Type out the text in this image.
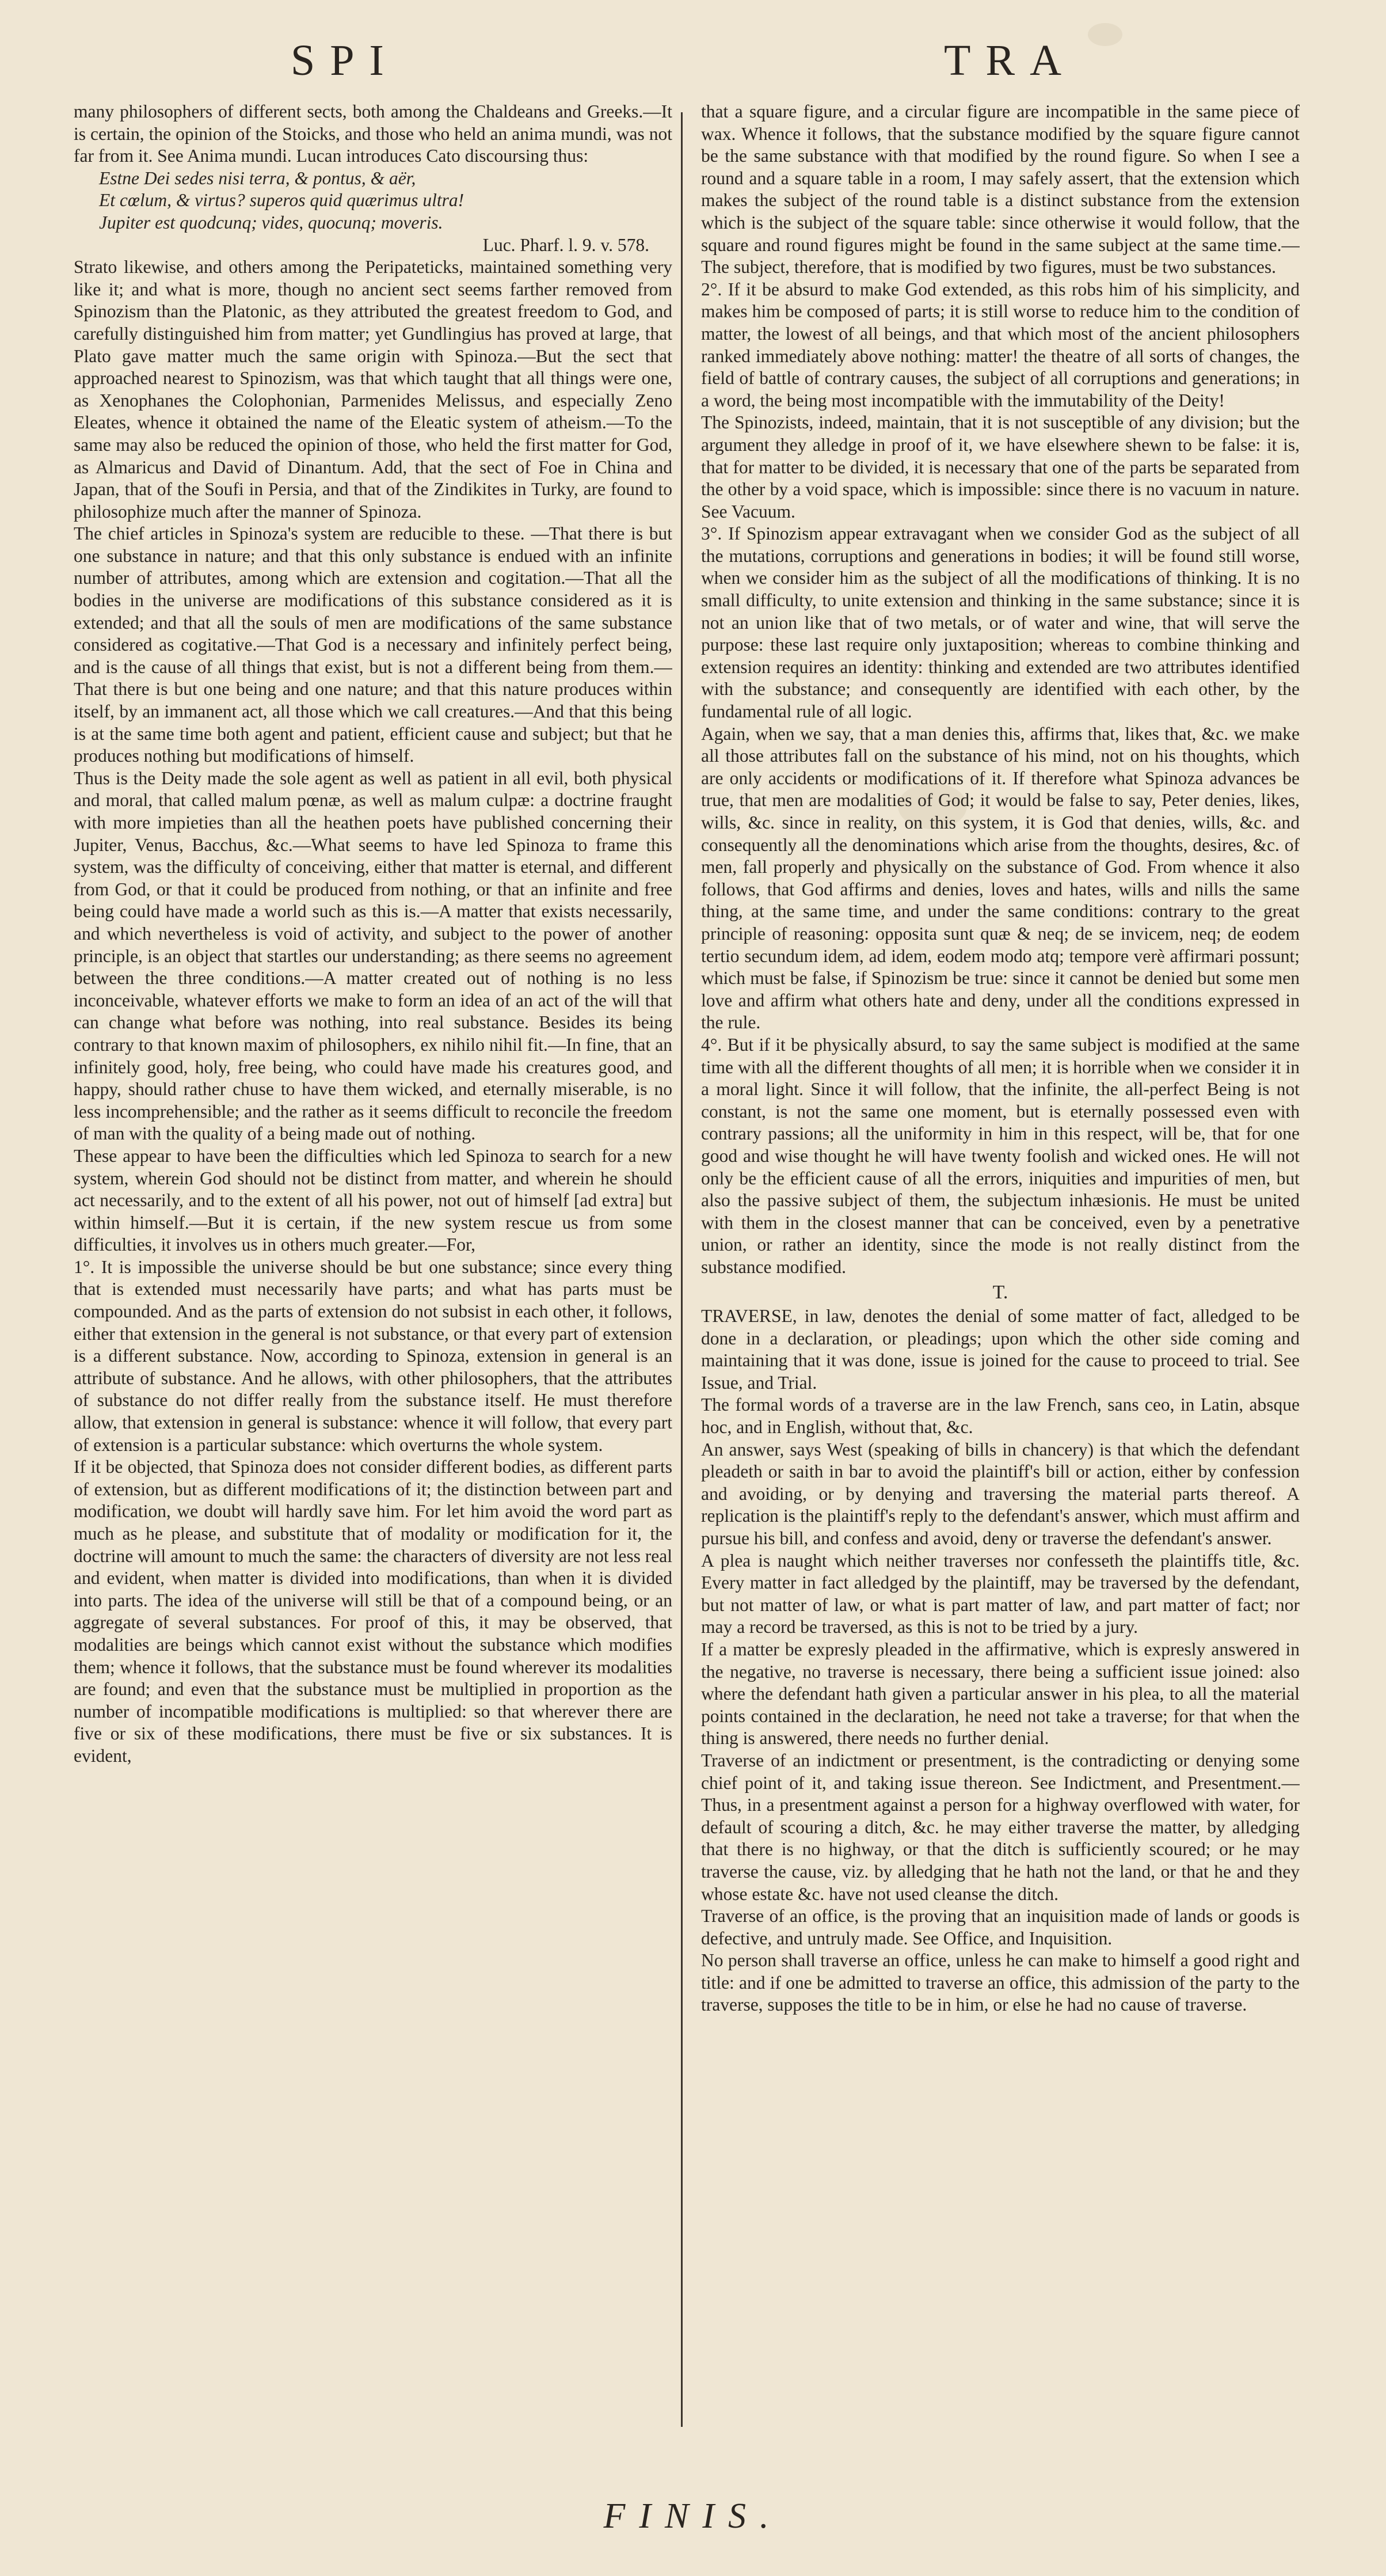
SPI	TRA

many philosophers of different sects, both among the Chaldeans and Greeks.—It is certain, the opinion of the Stoicks, and those who held an anima mundi, was not far from it. See Anima mundi. Lucan introduces Cato discoursing thus:

Estne Dei sedes nisi terra, & pontus, & aër,

Et cœlum, & virtus? superos quid quærimus ultra!

Jupiter est quodcunq; vides, quocunq; moveris.

Luc. Pharf. l. 9. v. 578.

Strato likewise, and others among the Peripateticks, maintained something very like it; and what is more, though no ancient sect seems farther removed from Spinozism than the Platonic, as they attributed the greatest freedom to God, and carefully distinguished him from matter; yet Gundlingius has proved at large, that Plato gave matter much the same origin with Spinoza.—But the sect that approached nearest to Spinozism, was that which taught that all things were one, as Xenophanes the Colophonian, Parmenides Melissus, and especially Zeno Eleates, whence it obtained the name of the Eleatic system of atheism.—To the same may also be reduced the opinion of those, who held the first matter for God, as Almaricus and David of Dinantum. Add, that the sect of Foe in China and Japan, that of the Soufi in Persia, and that of the Zindikites in Turky, are found to philosophize much after the manner of Spinoza.

The chief articles in Spinoza's system are reducible to these. —That there is but one substance in nature; and that this only substance is endued with an infinite number of attributes, among which are extension and cogitation.—That all the bodies in the universe are modifications of this substance considered as it is extended; and that all the souls of men are modifications of the same substance considered as cogitative.—That God is a necessary and infinitely perfect being, and is the cause of all things that exist, but is not a different being from them.—That there is but one being and one nature; and that this nature produces within itself, by an immanent act, all those which we call creatures.—And that this being is at the same time both agent and patient, efficient cause and subject; but that he produces nothing but modifications of himself.

Thus is the Deity made the sole agent as well as patient in all evil, both physical and moral, that called malum pœnæ, as well as malum culpæ: a doctrine fraught with more impieties than all the heathen poets have published concerning their Jupiter, Venus, Bacchus, &c.—What seems to have led Spinoza to frame this system, was the difficulty of conceiving, either that matter is eternal, and different from God, or that it could be produced from nothing, or that an infinite and free being could have made a world such as this is.—A matter that exists necessarily, and which nevertheless is void of activity, and subject to the power of another principle, is an object that startles our understanding; as there seems no agreement between the three conditions.—A matter created out of nothing is no less inconceivable, whatever efforts we make to form an idea of an act of the will that can change what before was nothing, into real substance. Besides its being contrary to that known maxim of philosophers, ex nihilo nihil fit.—In fine, that an infinitely good, holy, free being, who could have made his creatures good, and happy, should rather chuse to have them wicked, and eternally miserable, is no less incomprehensible; and the rather as it seems difficult to reconcile the freedom of man with the quality of a being made out of nothing.

These appear to have been the difficulties which led Spinoza to search for a new system, wherein God should not be distinct from matter, and wherein he should act necessarily, and to the extent of all his power, not out of himself [ad extra] but within himself.—But it is certain, if the new system rescue us from some difficulties, it involves us in others much greater.—For,

1°. It is impossible the universe should be but one substance; since every thing that is extended must necessarily have parts; and what has parts must be compounded. And as the parts of extension do not subsist in each other, it follows, either that extension in the general is not substance, or that every part of extension is a different substance. Now, according to Spinoza, extension in general is an attribute of substance. And he allows, with other philosophers, that the attributes of substance do not differ really from the substance itself. He must therefore allow, that extension in general is substance: whence it will follow, that every part of extension is a particular substance: which overturns the whole system.

If it be objected, that Spinoza does not consider different bodies, as different parts of extension, but as different modifications of it; the distinction between part and modification, we doubt will hardly save him. For let him avoid the word part as much as he please, and substitute that of modality or modification for it, the doctrine will amount to much the same: the characters of diversity are not less real and evident, when matter is divided into modifications, than when it is divided into parts. The idea of the universe will still be that of a compound being, or an aggregate of several substances. For proof of this, it may be observed, that modalities are beings which cannot exist without the substance which modifies them; whence it follows, that the substance must be found wherever its modalities are found; and even that the substance must be multiplied in proportion as the number of incompatible modifications is multiplied: so that wherever there are five or six of these modifications, there must be five or six substances. It is evident,

that a square figure, and a circular figure are incompatible in the same piece of wax. Whence it follows, that the substance modified by the square figure cannot be the same substance with that modified by the round figure. So when I see a round and a square table in a room, I may safely assert, that the extension which makes the subject of the round table is a distinct substance from the extension which is the subject of the square table: since otherwise it would follow, that the square and round figures might be found in the same subject at the same time.—The subject, therefore, that is modified by two figures, must be two substances.

2°. If it be absurd to make God extended, as this robs him of his simplicity, and makes him be composed of parts; it is still worse to reduce him to the condition of matter, the lowest of all beings, and that which most of the ancient philosophers ranked immediately above nothing: matter! the theatre of all sorts of changes, the field of battle of contrary causes, the subject of all corruptions and generations; in a word, the being most incompatible with the immutability of the Deity!

The Spinozists, indeed, maintain, that it is not susceptible of any division; but the argument they alledge in proof of it, we have elsewhere shewn to be false: it is, that for matter to be divided, it is necessary that one of the parts be separated from the other by a void space, which is impossible: since there is no vacuum in nature. See Vacuum.

3°. If Spinozism appear extravagant when we consider God as the subject of all the mutations, corruptions and generations in bodies; it will be found still worse, when we consider him as the subject of all the modifications of thinking. It is no small difficulty, to unite extension and thinking in the same substance; since it is not an union like that of two metals, or of water and wine, that will serve the purpose: these last require only juxtaposition; whereas to combine thinking and extension requires an identity: thinking and extended are two attributes identified with the substance; and consequently are identified with each other, by the fundamental rule of all logic.

Again, when we say, that a man denies this, affirms that, likes that, &c. we make all those attributes fall on the substance of his mind, not on his thoughts, which are only accidents or modifications of it. If therefore what Spinoza advances be true, that men are modalities of God; it would be false to say, Peter denies, likes, wills, &c. since in reality, on this system, it is God that denies, wills, &c. and consequently all the denominations which arise from the thoughts, desires, &c. of men, fall properly and physically on the substance of God. From whence it also follows, that God affirms and denies, loves and hates, wills and nills the same thing, at the same time, and under the same conditions: contrary to the great principle of reasoning: opposita sunt quæ & neq; de se invicem, neq; de eodem tertio secundum idem, ad idem, eodem modo atq; tempore verè affirmari possunt; which must be false, if Spinozism be true: since it cannot be denied but some men love and affirm what others hate and deny, under all the conditions expressed in the rule.

4°. But if it be physically absurd, to say the same subject is modified at the same time with all the different thoughts of all men; it is horrible when we consider it in a moral light. Since it will follow, that the infinite, the all-perfect Being is not constant, is not the same one moment, but is eternally possessed even with contrary passions; all the uniformity in him in this respect, will be, that for one good and wise thought he will have twenty foolish and wicked ones. He will not only be the efficient cause of all the errors, iniquities and impurities of men, but also the passive subject of them, the subjectum inhæsionis. He must be united with them in the closest manner that can be conceived, even by a penetrative union, or rather an identity, since the mode is not really distinct from the substance modified.

T.

TRAVERSE, in law, denotes the denial of some matter of fact, alledged to be done in a declaration, or pleadings; upon which the other side coming and maintaining that it was done, issue is joined for the cause to proceed to trial. See Issue, and Trial.

The formal words of a traverse are in the law French, sans ceo, in Latin, absque hoc, and in English, without that, &c.

An answer, says West (speaking of bills in chancery) is that which the defendant pleadeth or saith in bar to avoid the plaintiff's bill or action, either by confession and avoiding, or by denying and traversing the material parts thereof. A replication is the plaintiff's reply to the defendant's answer, which must affirm and pursue his bill, and confess and avoid, deny or traverse the defendant's answer.

A plea is naught which neither traverses nor confesseth the plaintiffs title, &c. Every matter in fact alledged by the plaintiff, may be traversed by the defendant, but not matter of law, or what is part matter of law, and part matter of fact; nor may a record be traversed, as this is not to be tried by a jury.

If a matter be expresly pleaded in the affirmative, which is expresly answered in the negative, no traverse is necessary, there being a sufficient issue joined: also where the defendant hath given a particular answer in his plea, to all the material points contained in the declaration, he need not take a traverse; for that when the thing is answered, there needs no further denial.

Traverse of an indictment or presentment, is the contradicting or denying some chief point of it, and taking issue thereon. See Indictment, and Presentment.—Thus, in a presentment against a person for a highway overflowed with water, for default of scouring a ditch, &c. he may either traverse the matter, by alledging that there is no highway, or that the ditch is sufficiently scoured; or he may traverse the cause, viz. by alledging that he hath not the land, or that he and they whose estate &c. have not used cleanse the ditch.

Traverse of an office, is the proving that an inquisition made of lands or goods is defective, and untruly made. See Office, and Inquisition.

No person shall traverse an office, unless he can make to himself a good right and title: and if one be admitted to traverse an office, this admission of the party to the traverse, supposes the title to be in him, or else he had no cause of traverse.

FINIS.
